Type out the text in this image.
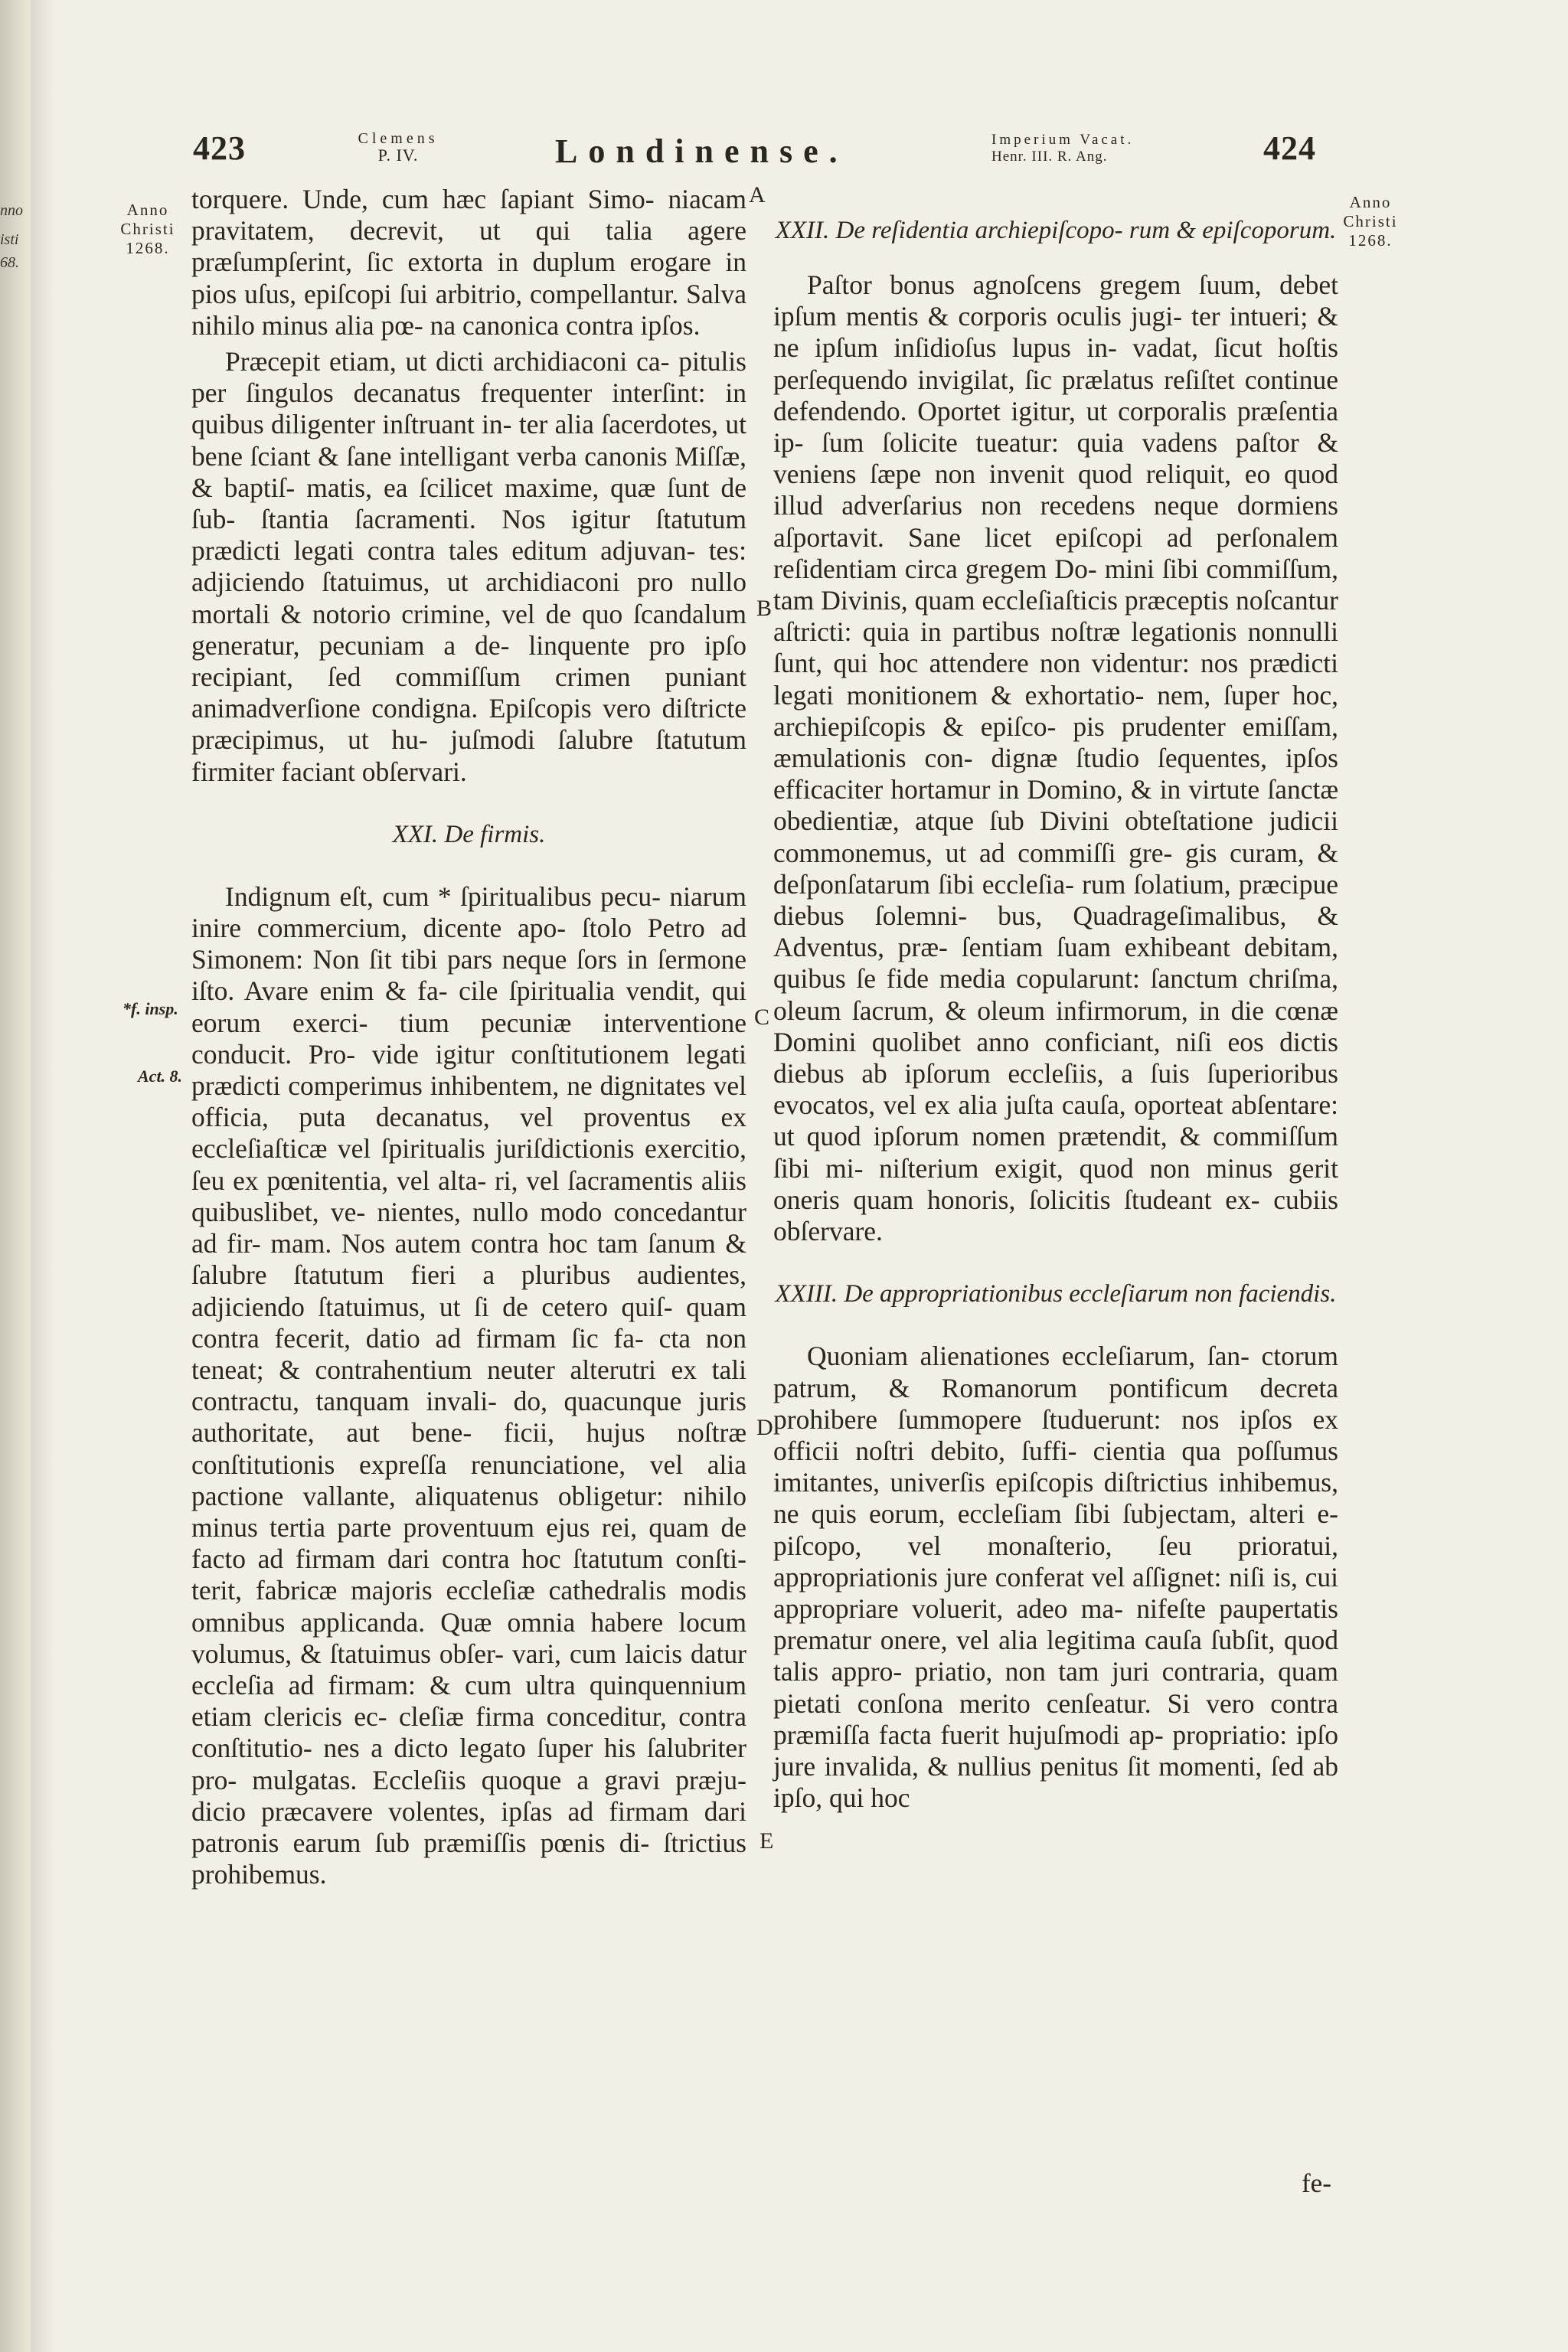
nno
isti
68.
423	Clemens
P. IV.	Londinense.	Imperium Vacat.
Henr. III. R. Ang.	424
Anno
Christi
1268.
*f. insp.
Act. 8.
Anno
Christi
1268.
A
B
C
D
E

torquere. Unde, cum hæc ſapiant Simo- niacam pravitatem, decrevit, ut qui talia agere præſumpſerint, ſic extorta in duplum erogare in pios uſus, epiſcopi ſui arbitrio, compellantur. Salva nihilo minus alia pœ- na canonica contra ipſos.

Præcepit etiam, ut dicti archidiaconi ca- pitulis per ſingulos decanatus frequenter interſint: in quibus diligenter inſtruant in- ter alia ſacerdotes, ut bene ſciant & ſane intelligant verba canonis Miſſæ, & baptiſ- matis, ea ſcilicet maxime, quæ ſunt de ſub- ſtantia ſacramenti. Nos igitur ſtatutum prædicti legati contra tales editum adjuvan- tes: adjiciendo ſtatuimus, ut archidiaconi pro nullo mortali & notorio crimine, vel de quo ſcandalum generatur, pecuniam a de- linquente pro ipſo recipiant, ſed commiſſum crimen puniant animadverſione condigna. Epiſcopis vero diſtricte præcipimus, ut hu- juſmodi ſalubre ſtatutum firmiter faciant obſervari.

XXI. De firmis.

Indignum eſt, cum * ſpiritualibus pecu- niarum inire commercium, dicente apo- ſtolo Petro ad Simonem: Non ſit tibi pars neque ſors in ſermone iſto. Avare enim & fa- cile ſpiritualia vendit, qui eorum exerci- tium pecuniæ interventione conducit. Pro- vide igitur conſtitutionem legati prædicti comperimus inhibentem, ne dignitates vel officia, puta decanatus, vel proventus ex eccleſiaſticæ vel ſpiritualis juriſdictionis exercitio, ſeu ex pœnitentia, vel alta- ri, vel ſacramentis aliis quibuslibet, ve- nientes, nullo modo concedantur ad fir- mam. Nos autem contra hoc tam ſanum & ſalubre ſtatutum fieri a pluribus audientes, adjiciendo ſtatuimus, ut ſi de cetero quiſ- quam contra fecerit, datio ad firmam ſic fa- cta non teneat; & contrahentium neuter alterutri ex tali contractu, tanquam invali- do, quacunque juris authoritate, aut bene- ficii, hujus noſtræ conſtitutionis expreſſa renunciatione, vel alia pactione vallante, aliquatenus obligetur: nihilo minus tertia parte proventuum ejus rei, quam de facto ad firmam dari contra hoc ſtatutum conſti- terit, fabricæ majoris eccleſiæ cathedralis modis omnibus applicanda. Quæ omnia habere locum volumus, & ſtatuimus obſer- vari, cum laicis datur eccleſia ad firmam: & cum ultra quinquennium etiam clericis ec- cleſiæ firma conceditur, contra conſtitutio- nes a dicto legato ſuper his ſalubriter pro- mulgatas. Eccleſiis quoque a gravi præju- dicio præcavere volentes, ipſas ad firmam dari patronis earum ſub præmiſſis pœnis di- ſtrictius prohibemus.

XXII. De reſidentia archiepiſcopo- rum & epiſcoporum.

Paſtor bonus agnoſcens gregem ſuum, debet ipſum mentis & corporis oculis jugi- ter intueri; & ne ipſum inſidioſus lupus in- vadat, ſicut hoſtis perſequendo invigilat, ſic prælatus reſiſtet continue defendendo. Oportet igitur, ut corporalis præſentia ip- ſum ſolicite tueatur: quia vadens paſtor & veniens ſæpe non invenit quod reliquit, eo quod illud adverſarius non recedens neque dormiens aſportavit. Sane licet epiſcopi ad perſonalem reſidentiam circa gregem Do- mini ſibi commiſſum, tam Divinis, quam eccleſiaſticis præceptis noſcantur aſtricti: quia in partibus noſtræ legationis nonnulli ſunt, qui hoc attendere non videntur: nos prædicti legati monitionem & exhortatio- nem, ſuper hoc, archiepiſcopis & epiſco- pis prudenter emiſſam, æmulationis con- dignæ ſtudio ſequentes, ipſos efficaciter hortamur in Domino, & in virtute ſanctæ obedientiæ, atque ſub Divini obteſtatione judicii commonemus, ut ad commiſſi gre- gis curam, & deſponſatarum ſibi eccleſia- rum ſolatium, præcipue diebus ſolemni- bus, Quadrageſimalibus, & Adventus, præ- ſentiam ſuam exhibeant debitam, quibus ſe fide media copularunt: ſanctum chriſma, oleum ſacrum, & oleum infirmorum, in die cœnæ Domini quolibet anno conficiant, niſi eos dictis diebus ab ipſorum eccleſiis, a ſuis ſuperioribus evocatos, vel ex alia juſta cauſa, oporteat abſentare: ut quod ipſorum nomen prætendit, & commiſſum ſibi mi- niſterium exigit, quod non minus gerit oneris quam honoris, ſolicitis ſtudeant ex- cubiis obſervare.

XXIII. De appropriationibus eccleſiarum non faciendis.

Quoniam alienationes eccleſiarum, ſan- ctorum patrum, & Romanorum pontificum decreta prohibere ſummopere ſtuduerunt: nos ipſos ex officii noſtri debito, ſuffi- cientia qua poſſumus imitantes, univerſis epiſcopis diſtrictius inhibemus, ne quis eorum, eccleſiam ſibi ſubjectam, alteri e- piſcopo, vel monaſterio, ſeu prioratui, appropriationis jure conferat vel aſſignet: niſi is, cui appropriare voluerit, adeo ma- nifeſte paupertatis prematur onere, vel alia legitima cauſa ſubſit, quod talis appro- priatio, non tam juri contraria, quam pietati conſona merito cenſeatur. Si vero contra præmiſſa facta fuerit hujuſmodi ap- propriatio: ipſo jure invalida, & nullius penitus ſit momenti, ſed ab ipſo, qui hoc

fe-
